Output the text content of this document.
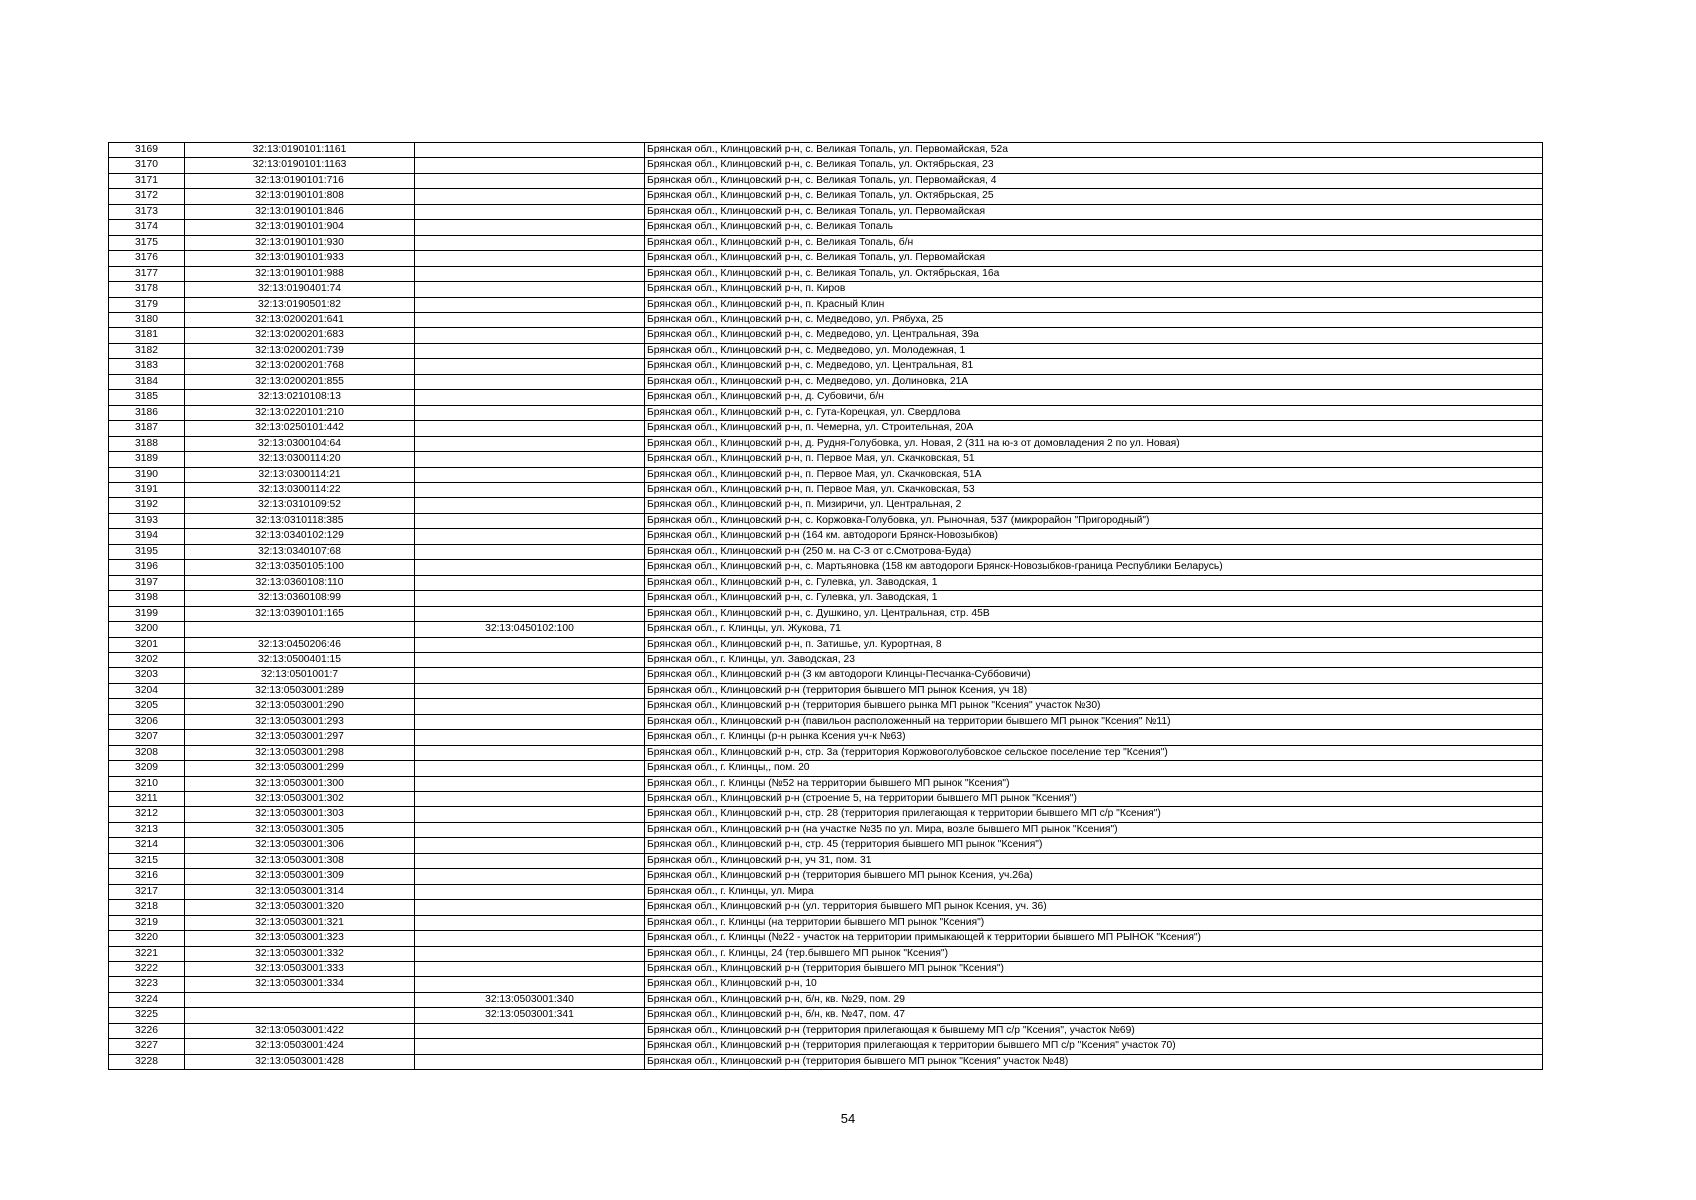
3169	32:13:0190101:1161		Брянская обл., Клинцовский р-н, с. Великая Топаль, ул. Первомайская, 52а
3170	32:13:0190101:1163		Брянская обл., Клинцовский р-н, с. Великая Топаль, ул. Октябрьская, 23
3171	32:13:0190101:716		Брянская обл., Клинцовский р-н, с. Великая Топаль, ул. Первомайская, 4
3172	32:13:0190101:808		Брянская обл., Клинцовский р-н, с. Великая Топаль, ул. Октябрьская, 25
3173	32:13:0190101:846		Брянская обл., Клинцовский р-н, с. Великая Топаль, ул. Первомайская
3174	32:13:0190101:904		Брянская обл., Клинцовский р-н, с. Великая Топаль
3175	32:13:0190101:930		Брянская обл., Клинцовский р-н, с. Великая Топаль, б/н
3176	32:13:0190101:933		Брянская обл., Клинцовский р-н, с. Великая Топаль, ул. Первомайская
3177	32:13:0190101:988		Брянская обл., Клинцовский р-н, с. Великая Топаль, ул. Октябрьская, 16а
3178	32:13:0190401:74		Брянская обл., Клинцовский р-н, п. Киров
3179	32:13:0190501:82		Брянская обл., Клинцовский р-н, п. Красный Клин
3180	32:13:0200201:641		Брянская обл., Клинцовский р-н, с. Медведово, ул. Рябуха, 25
3181	32:13:0200201:683		Брянская обл., Клинцовский р-н, с. Медведово, ул. Центральная, 39а
3182	32:13:0200201:739		Брянская обл., Клинцовский р-н, с. Медведово, ул. Молодежная, 1
3183	32:13:0200201:768		Брянская обл., Клинцовский р-н, с. Медведово, ул. Центральная, 81
3184	32:13:0200201:855		Брянская обл., Клинцовский р-н, с. Медведово, ул. Долиновка, 21А
3185	32:13:0210108:13		Брянская обл., Клинцовский р-н, д. Субовичи, б/н
3186	32:13:0220101:210		Брянская обл., Клинцовский р-н, с. Гута-Корецкая, ул. Свердлова
3187	32:13:0250101:442		Брянская обл., Клинцовский р-н, п. Чемерна, ул. Строительная, 20А
3188	32:13:0300104:64		Брянская обл., Клинцовский р-н, д. Рудня-Голубовка, ул. Новая, 2 (311 на ю-з от домовладения 2 по ул. Новая)
3189	32:13:0300114:20		Брянская обл., Клинцовский р-н, п. Первое Мая, ул. Скачковская, 51
3190	32:13:0300114:21		Брянская обл., Клинцовский р-н, п. Первое Мая, ул. Скачковская, 51А
3191	32:13:0300114:22		Брянская обл., Клинцовский р-н, п. Первое Мая, ул. Скачковская, 53
3192	32:13:0310109:52		Брянская обл., Клинцовский р-н, п. Мизиричи, ул. Центральная, 2
3193	32:13:0310118:385		Брянская обл., Клинцовский р-н, с. Коржовка-Голубовка, ул. Рыночная, 537 (микрорайон "Пригородный")
3194	32:13:0340102:129		Брянская обл., Клинцовский р-н (164 км. автодороги Брянск-Новозыбков)
3195	32:13:0340107:68		Брянская обл., Клинцовский р-н (250 м. на С-З от с.Смотрова-Буда)
3196	32:13:0350105:100		Брянская обл., Клинцовский р-н, с. Мартьяновка (158 км автодороги Брянск-Новозыбков-граница Республики Беларусь)
3197	32:13:0360108:110		Брянская обл., Клинцовский р-н, с. Гулевка, ул. Заводская, 1
3198	32:13:0360108:99		Брянская обл., Клинцовский р-н, с. Гулевка, ул. Заводская, 1
3199	32:13:0390101:165		Брянская обл., Клинцовский р-н, с. Душкино, ул. Центральная, стр. 45В
3200		32:13:0450102:100	Брянская обл., г. Клинцы, ул. Жукова, 71
3201	32:13:0450206:46		Брянская обл., Клинцовский р-н, п. Затишье, ул. Курортная, 8
3202	32:13:0500401:15		Брянская обл., г. Клинцы, ул. Заводская, 23
3203	32:13:0501001:7		Брянская обл., Клинцовский р-н (3 км автодороги Клинцы-Песчанка-Суббовичи)
3204	32:13:0503001:289		Брянская обл., Клинцовский р-н (территория бывшего МП рынок Ксения, уч 18)
3205	32:13:0503001:290		Брянская обл., Клинцовский р-н (территория бывшего рынка МП рынок "Ксения" участок №30)
3206	32:13:0503001:293		Брянская обл., Клинцовский р-н (павильон расположенный на территории бывшего МП рынок "Ксения" №11)
3207	32:13:0503001:297		Брянская обл., г. Клинцы (р-н рынка Ксения уч-к №63)
3208	32:13:0503001:298		Брянская обл., Клинцовский р-н, стр. 3а (территория Коржовоголубовское сельское поселение тер "Ксения")
3209	32:13:0503001:299		Брянская обл., г. Клинцы,, пом. 20
3210	32:13:0503001:300		Брянская обл., г. Клинцы (№52 на территории бывшего МП рынок "Ксения")
3211	32:13:0503001:302		Брянская обл., Клинцовский р-н (строение 5, на территории бывшего МП рынок "Ксения")
3212	32:13:0503001:303		Брянская обл., Клинцовский р-н, стр. 28 (территория прилегающая к территории бывшего МП с/р "Ксения")
3213	32:13:0503001:305		Брянская обл., Клинцовский р-н (на участке №35 по ул. Мира, возле бывшего МП рынок "Ксения")
3214	32:13:0503001:306		Брянская обл., Клинцовский р-н, стр. 45 (территория бывшего МП рынок "Ксения")
3215	32:13:0503001:308		Брянская обл., Клинцовский р-н, уч 31, пом. 31
3216	32:13:0503001:309		Брянская обл., Клинцовский р-н (территория бывшего МП рынок Ксения, уч.26а)
3217	32:13:0503001:314		Брянская обл., г. Клинцы, ул. Мира
3218	32:13:0503001:320		Брянская обл., Клинцовский р-н (ул. территория бывшего МП рынок Ксения, уч. 36)
3219	32:13:0503001:321		Брянская обл., г. Клинцы (на территории бывшего МП рынок "Ксения")
3220	32:13:0503001:323		Брянская обл., г. Клинцы (№22 - участок на территории примыкающей к территории бывшего МП РЫНОК "Ксения")
3221	32:13:0503001:332		Брянская обл., г. Клинцы, 24 (тер.бывшего МП рынок "Ксения")
3222	32:13:0503001:333		Брянская обл., Клинцовский р-н (территория бывшего МП рынок "Ксения")
3223	32:13:0503001:334		Брянская обл., Клинцовский р-н, 10
3224		32:13:0503001:340	Брянская обл., Клинцовский р-н, б/н, кв. №29, пом. 29
3225		32:13:0503001:341	Брянская обл., Клинцовский р-н, б/н, кв. №47, пом. 47
3226	32:13:0503001:422		Брянская обл., Клинцовский р-н (территория прилегающая к бывшему МП с/р "Ксения", участок №69)
3227	32:13:0503001:424		Брянская обл., Клинцовский р-н (территория прилегающая к территории бывшего МП с/р "Ксения" участок 70)
3228	32:13:0503001:428		Брянская обл., Клинцовский р-н (территория бывшего МП рынок "Ксения" участок №48)
54
